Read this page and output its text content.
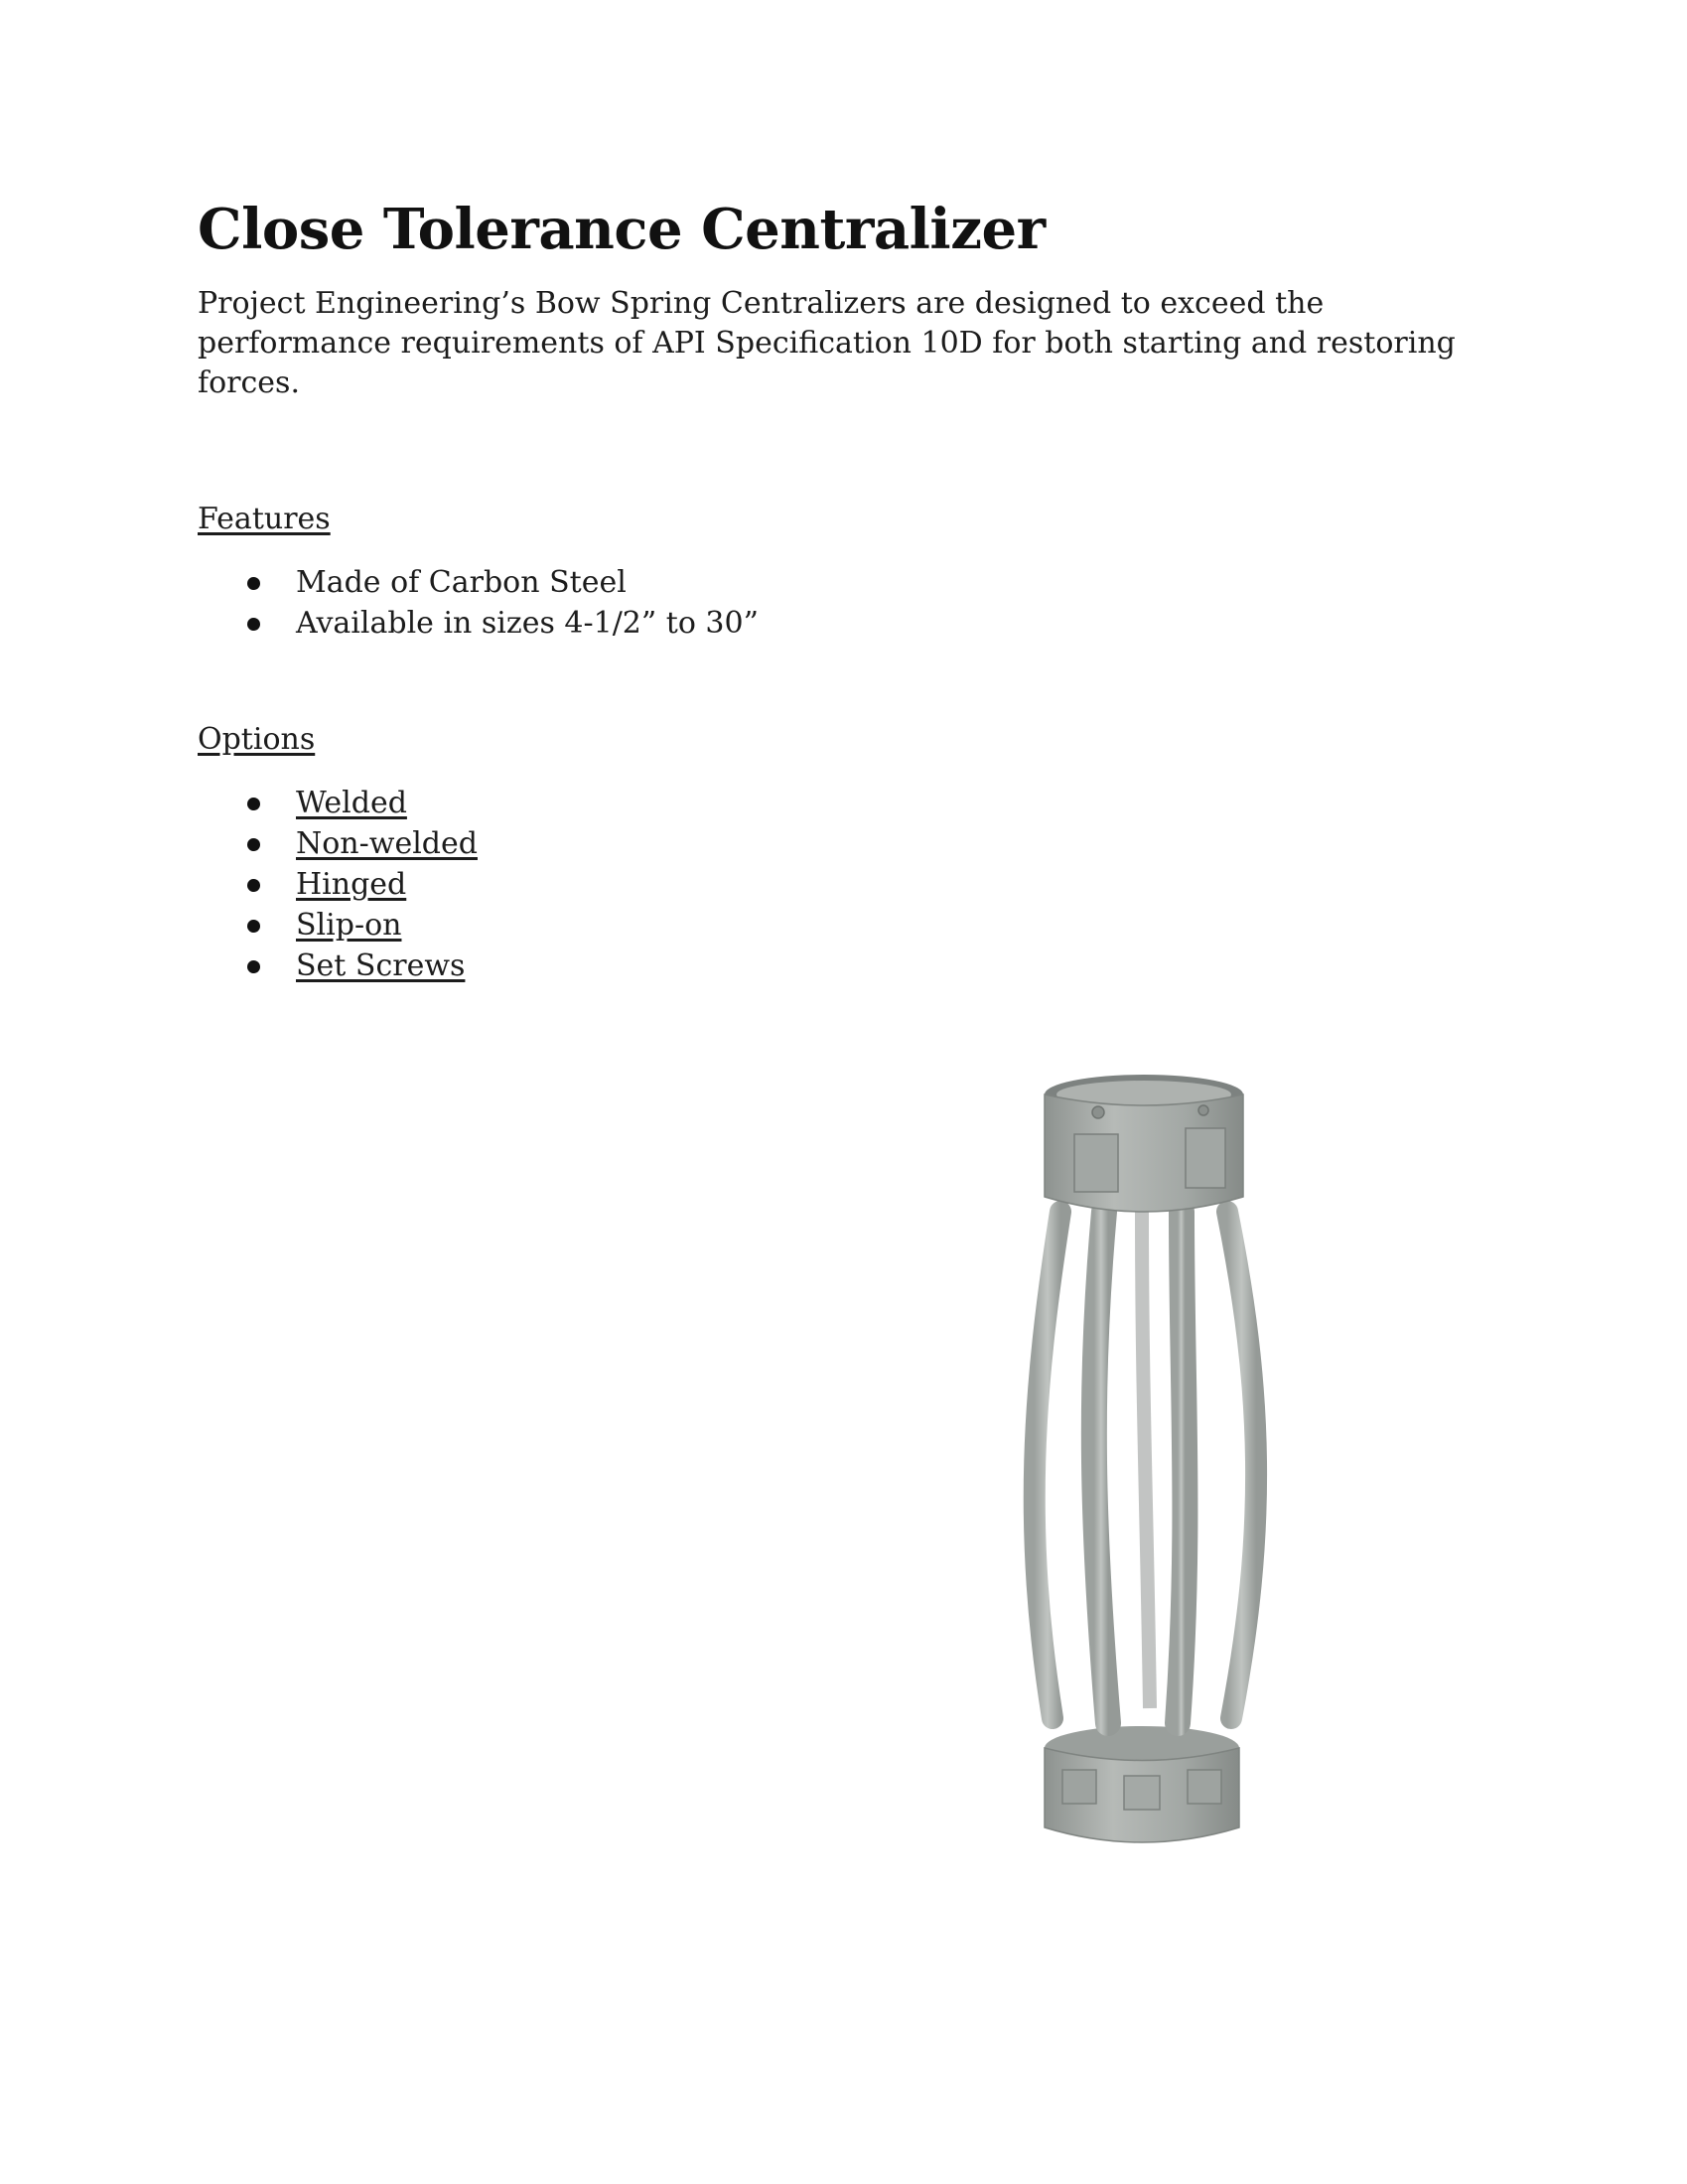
Close Tolerance Centralizer

Project Engineering’s Bow Spring Centralizers are designed to exceed the performance requirements of API Specification 10D for both starting and restoring forces.

Features
Made of Carbon Steel
Available in sizes 4-1/2” to 30”
Options
Welded
Non-welded
Hinged
Slip-on
Set Screws
